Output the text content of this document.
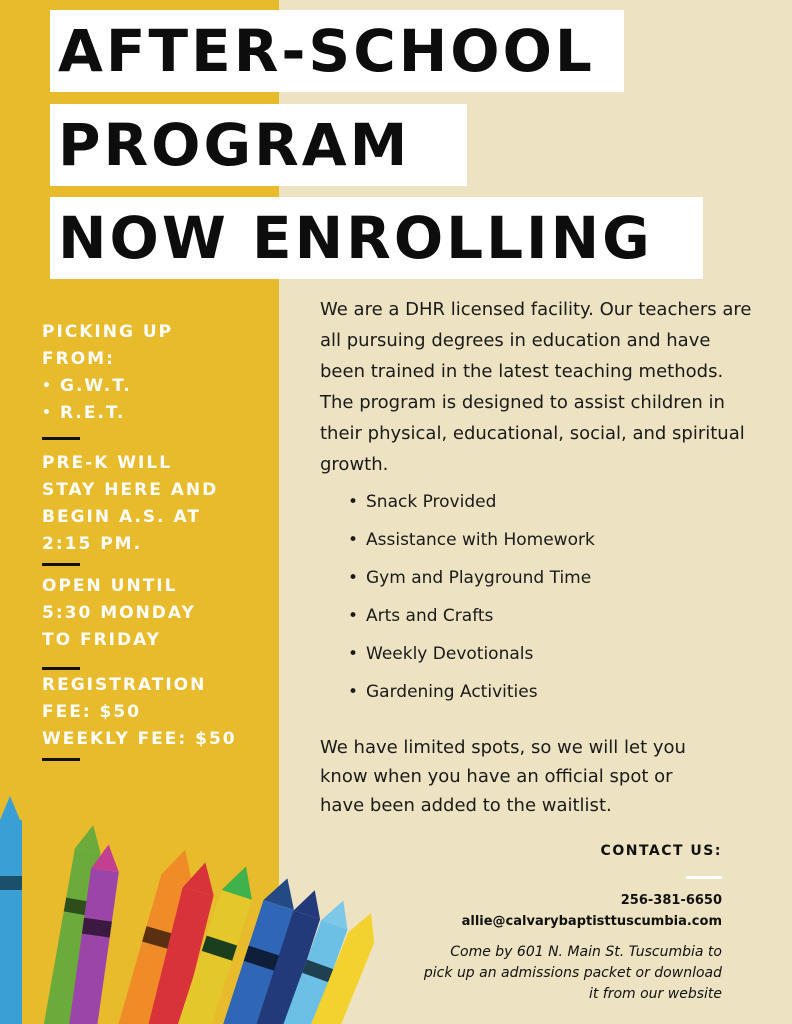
AFTER-SCHOOL
PROGRAM
NOW ENROLLING
PICKING UP FROM:
• G.W.T.
• R.E.T.
PRE-K WILL STAY HERE AND BEGIN A.S. AT 2:15 PM.
OPEN UNTIL 5:30 MONDAY TO FRIDAY
REGISTRATION FEE: $50
WEEKLY FEE: $50
We are a DHR licensed facility. Our teachers are all pursuing degrees in education and have been trained in the latest teaching methods. The program is designed to assist children in their physical, educational, social, and spiritual growth.
• Snack Provided
• Assistance with Homework
• Gym and Playground Time
• Arts and Crafts
• Weekly Devotionals
• Gardening Activities
We have limited spots, so we will let you know when you have an official spot or have been added to the waitlist.
CONTACT US:
256-381-6650
allie@calvarybaptisttuscumbia.com
Come by 601 N. Main St. Tuscumbia to pick up an admissions packet or download it from our website
